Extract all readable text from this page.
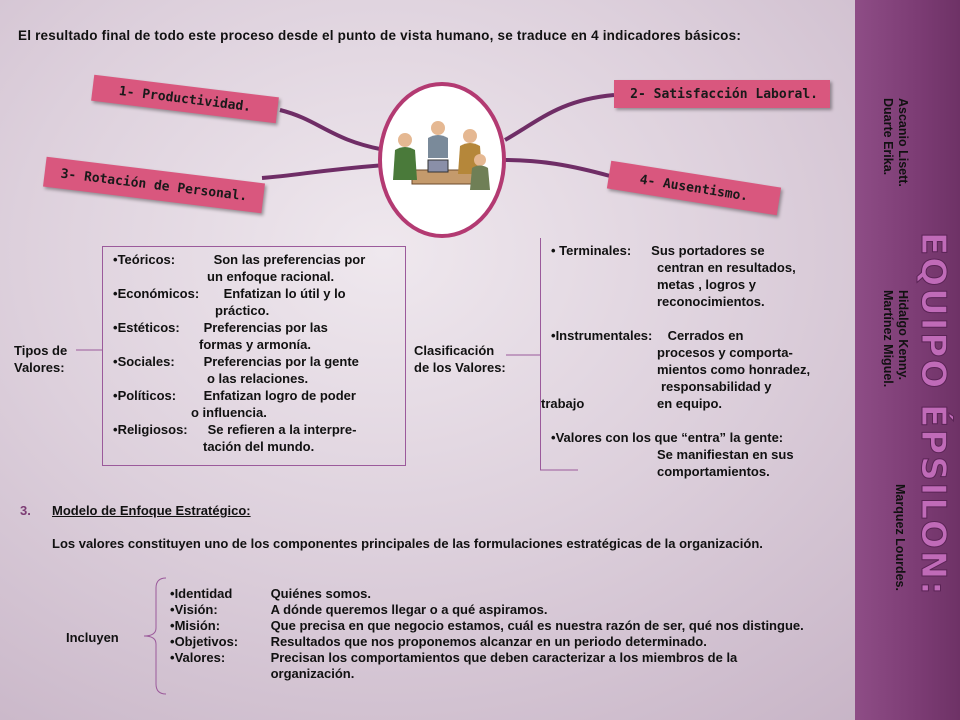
EQUIPO ÉPSILON:
Ascanio Lisett.
Duarte Erika.
Hidalgo Kenny.
Martínez Miguel.
Marquez Lourdes.
El resultado final de todo este proceso desde el punto de vista humano, se traduce en 4 indicadores básicos:
1- Productividad.	2- Satisfacción Laboral.
3- Rotación de Personal.	4- Ausentismo.
Tipos de
Valores:
• Teóricos:	Son las preferencias por
un enfoque racional.
• Económicos:	Enfatizan lo útil y lo
práctico.
• Estéticos:	Preferencias por las
formas y armonía.
• Sociales:	Preferencias por la gente
o las relaciones.
• Políticos:	Enfatizan logro de poder
o influencia.
• Religiosos:	Se refieren a la interpre-
tación del mundo.
Clasificación
de los Valores:
• Terminales:	Sus portadores se
centran en resultados,
metas , logros y
reconocimientos.
• Instrumentales:	Cerrados en
procesos y comporta-
mientos como honradez,
responsabilidad y
trabajo	en equipo.
• Valores con los que “entra” la gente:
Se manifiestan en sus
comportamientos.
3. Modelo de Enfoque Estratégico:
Los valores constituyen uno de los componentes principales de las formulaciones estratégicas de la organización.
Incluyen
• Identidad	Quiénes somos.
• Visión:	A dónde queremos llegar o a qué aspiramos.
• Misión:	Que precisa en que negocio estamos, cuál es nuestra razón de ser, qué nos distingue.
• Objetivos:	Resultados que nos proponemos alcanzar en un periodo determinado.
• Valores:	Precisan los comportamientos que deben caracterizar a los miembros de la organización.
